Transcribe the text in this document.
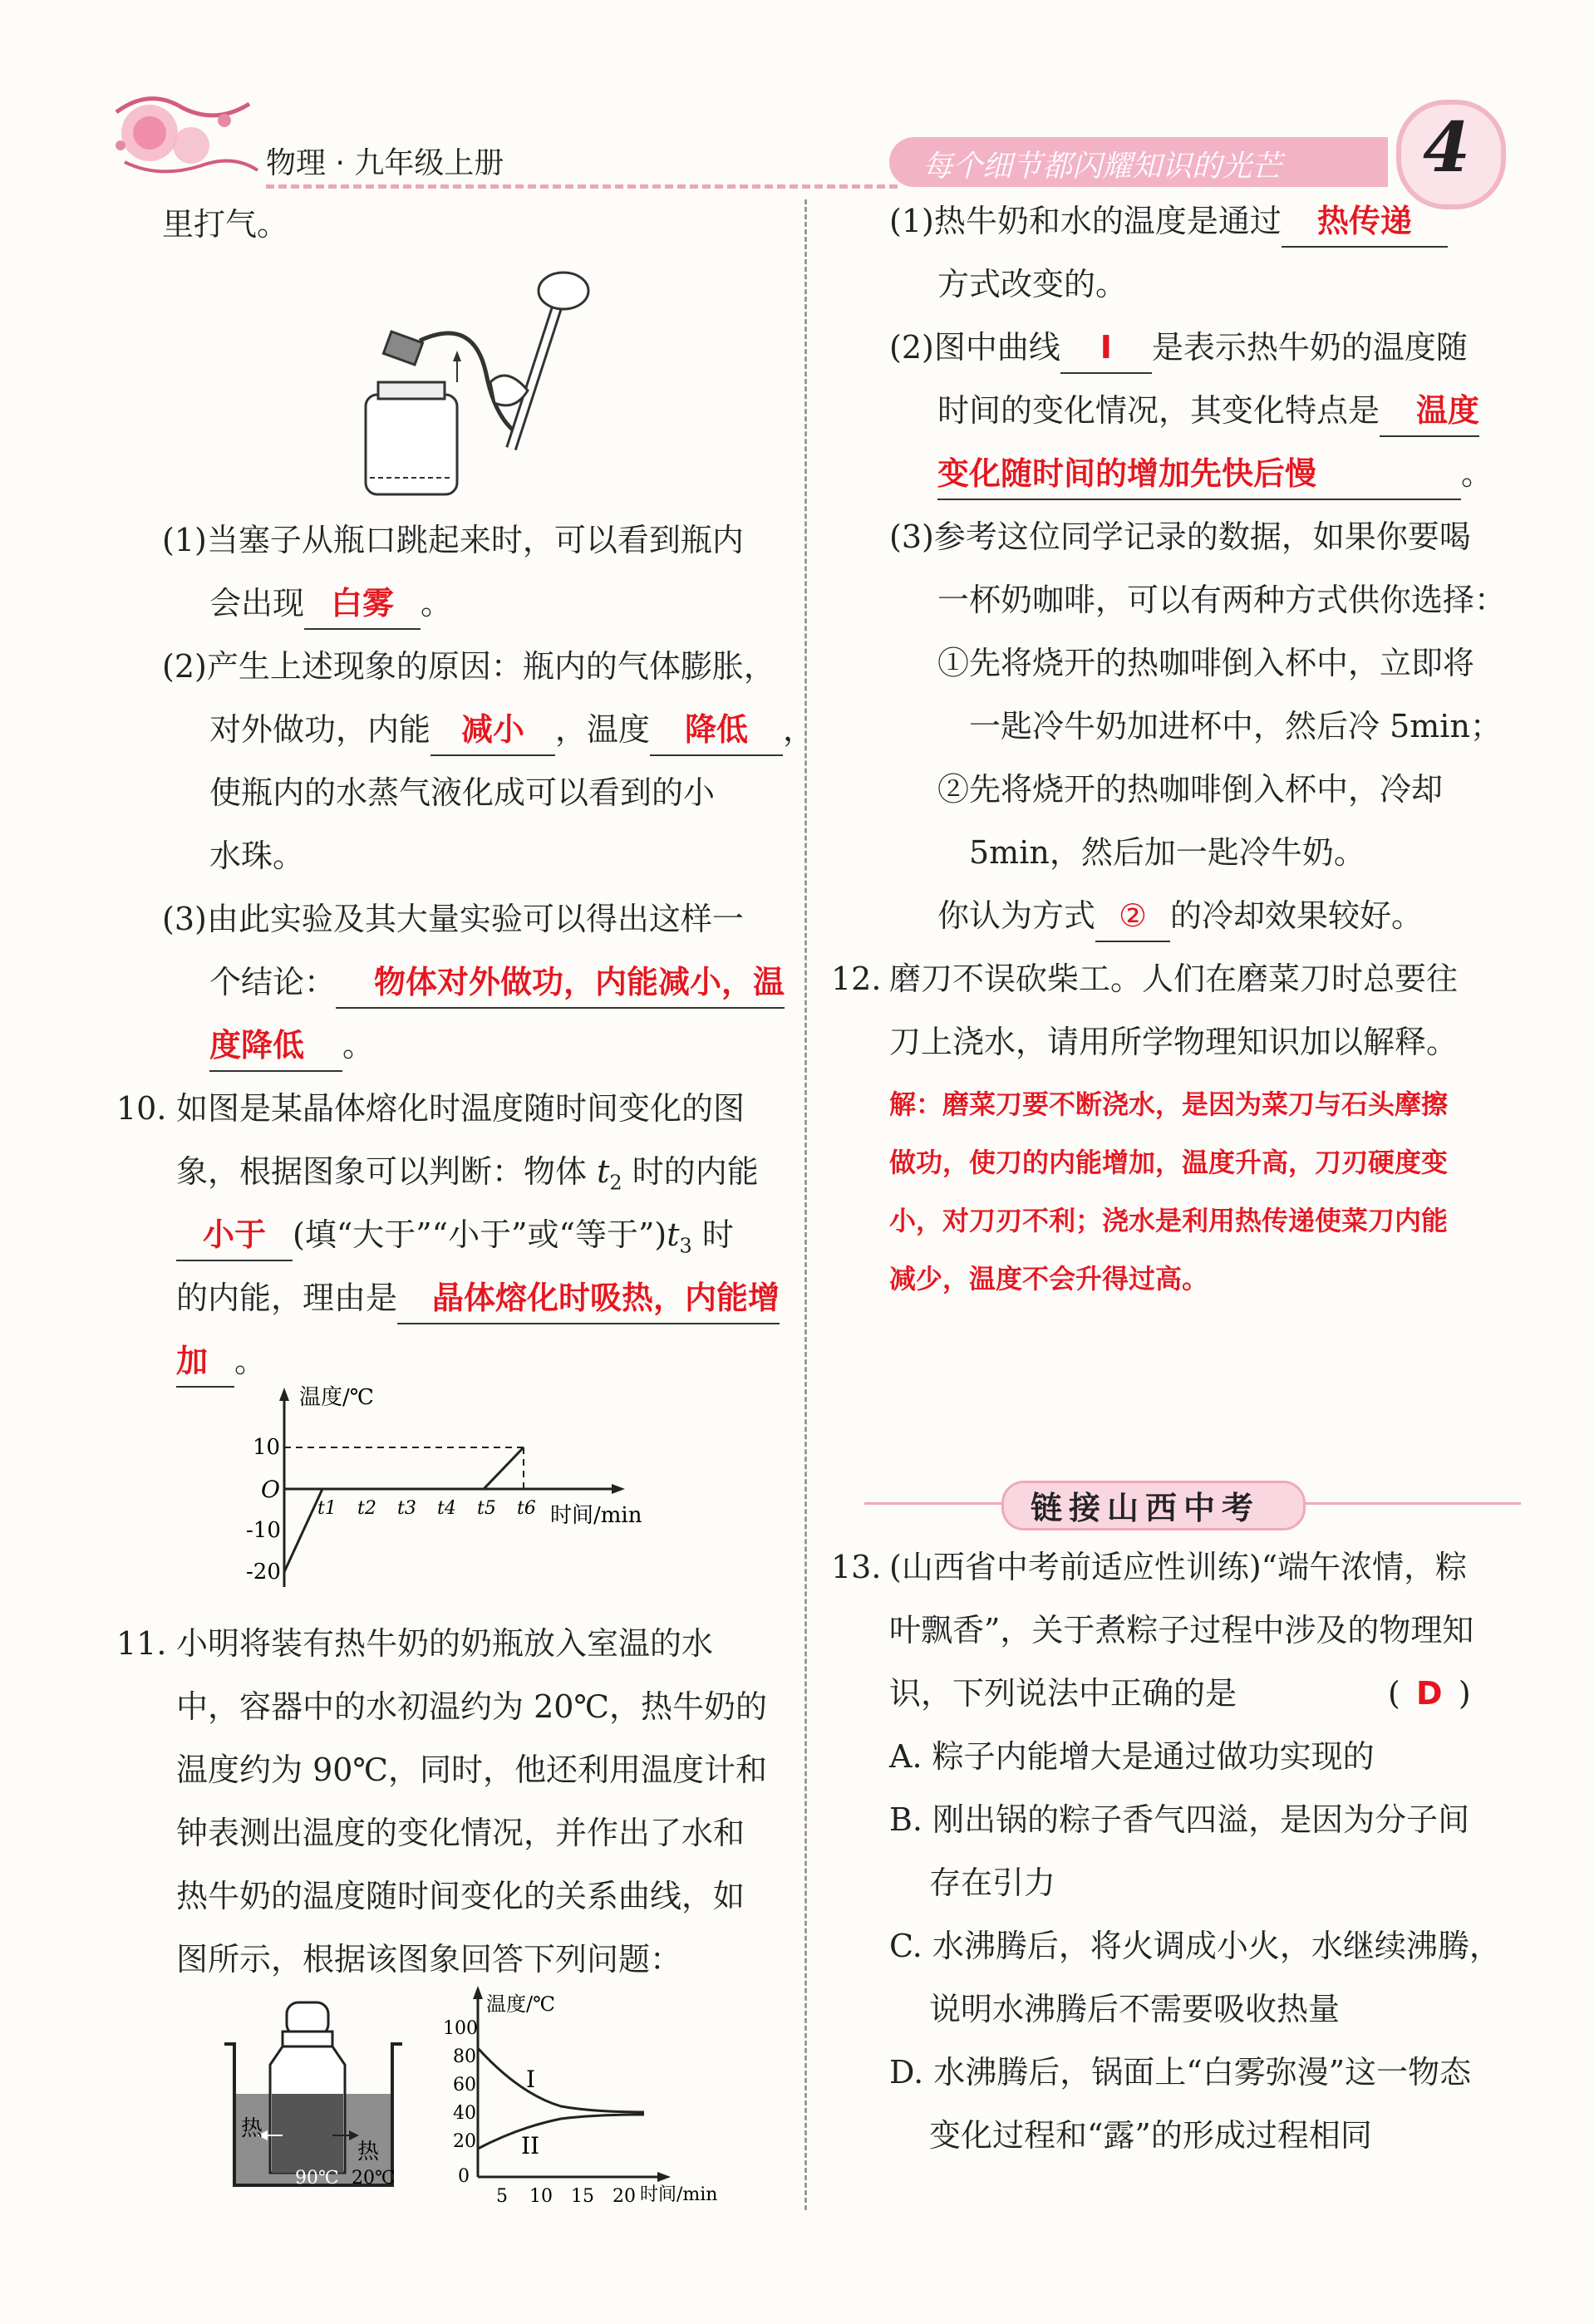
物理 · 九年级上册	每个细节都闪耀知识的光芒 4
里打气。
(1)当塞子从瓶口跳起来时，可以看到瓶内
会出现 白雾 。
(2)产生上述现象的原因：瓶内的气体膨胀，
对外做功，内能 减小 ，温度 降低 ，
使瓶内的水蒸气液化成可以看到的小
水珠。
(3)由此实验及其大量实验可以得出这样一
个结论： 物体对外做功，内能减小，温
度降低 。
10. 如图是某晶体熔化时温度随时间变化的图
象，根据图象可以判断：物体 $t_2$ 时的内能
小于 (填“大于”“小于”或“等于$”)t_3$ 时
的内能，理由是 晶体熔化时吸热，内能增
加 。
温度/℃
时间/min
O
10
-10
-20
t1 t2 t3 t4 t5 t6
11. 小明将装有热牛奶的奶瓶放入室温的水
中，容器中的水初温约为 20℃，热牛奶的
温度约为 90℃，同时，他还利用温度计和
钟表测出温度的变化情况，并作出了水和
热牛奶的温度随时间变化的关系曲线，如
图所示，根据该图象回答下列问题：
热
热
90℃ 20℃
温度/℃
时间/min
100
80
60
40
20
0
5 10 15 20
I
II
(1)热牛奶和水的温度是通过 热传递
方式改变的。
(2)图中曲线 I 是表示热牛奶的温度随
时间的变化情况，其变化特点是 温度
变化随时间的增加先快后慢	。
(3)参考这位同学记录的数据，如果你要喝
一杯奶咖啡，可以有两种方式供你选择：
①先将烧开的热咖啡倒入杯中，立即将
一匙冷牛奶加进杯中，然后冷 5min；
②先将烧开的热咖啡倒入杯中，冷却
5min，然后加一匙冷牛奶。
你认为方式 ② 的冷却效果较好。
12. 磨刀不误砍柴工。人们在磨菜刀时总要往
刀上浇水，请用所学物理知识加以解释。
解：磨菜刀要不断浇水，是因为菜刀与石头摩擦
做功，使刀的内能增加，温度升高，刀刃硬度变
小，对刀刃不利；浇水是利用热传递使菜刀内能
减少，温度不会升得过高。
链接山西中考
13. (山西省中考前适应性训练)“端午浓情，粽
叶飘香”，关于煮粽子过程中涉及的物理知
识，下列说法中正确的是	( D )
A. 粽子内能增大是通过做功实现的
B. 刚出锅的粽子香气四溢，是因为分子间
存在引力
C. 水沸腾后，将火调成小火，水继续沸腾，
说明水沸腾后不需要吸收热量
D. 水沸腾后，锅面上“白雾弥漫”这一物态
变化过程和“露”的形成过程相同
